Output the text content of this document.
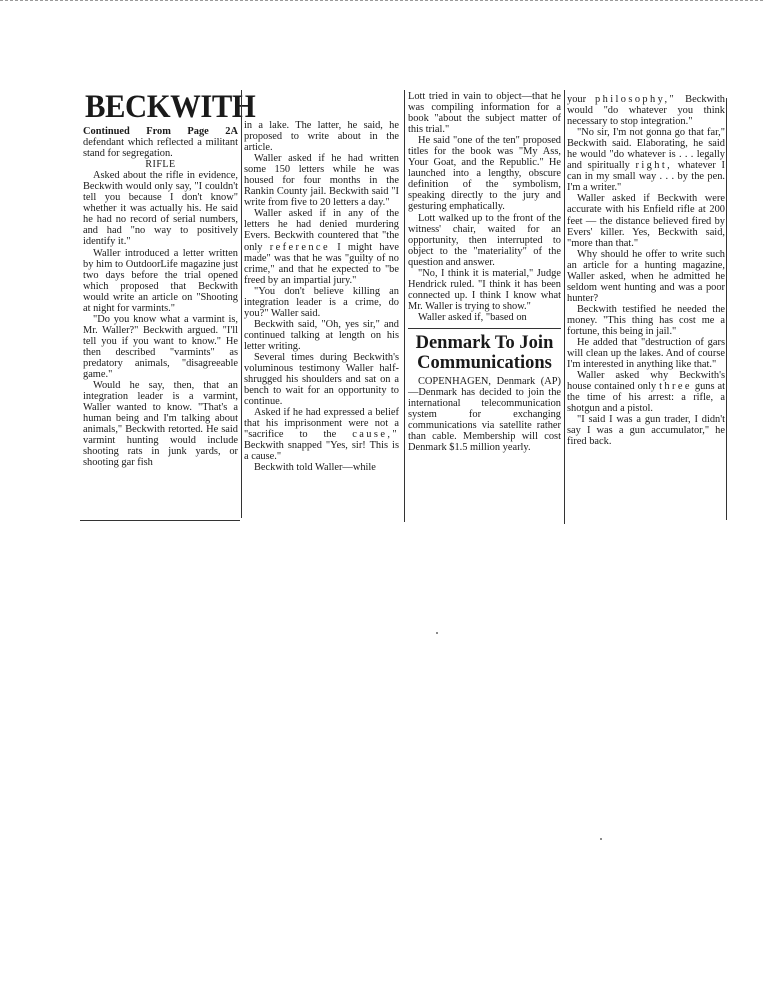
BECKWITH

Continued From Page 2A defendant which reflected a militant stand for segregation.

RIFLE

Asked about the rifle in evidence, Beckwith would only say, "I couldn't tell you because I don't know" whether it was actually his. He said he had no record of serial numbers, and had "no way to positively identify it."

Waller introduced a letter written by him to OutdoorLife magazine just two days before the trial opened which proposed that Beckwith would write an article on "Shooting at night for varmints."

"Do you know what a varmint is, Mr. Waller?" Beckwith argued. "I'll tell you if you want to know." He then described "varmints" as predatory animals, "disagreeable game."

Would he say, then, that an integration leader is a varmint, Waller wanted to know. "That's a human being and I'm talking about animals," Beckwith retorted. He said varmint hunting would include shooting rats in junk yards, or shooting gar fish

in a lake. The latter, he said, he proposed to write about in the article.

Waller asked if he had written some 150 letters while he was housed for four months in the Rankin County jail. Beckwith said "I write from five to 20 letters a day."

Waller asked if in any of the letters he had denied murdering Evers. Beckwith countered that "the only reference I might have made" was that he was "guilty of no crime," and that he expected to "be freed by an impartial jury."

"You don't believe killing an integration leader is a crime, do you?" Waller said.

Beckwith said, "Oh, yes sir," and continued talking at length on his letter writing.

Several times during Beckwith's voluminous testimony Waller half-shrugged his shoulders and sat on a bench to wait for an opportunity to continue.

Asked if he had expressed a belief that his imprisonment were not a "sacrifice to the cause," Beckwith snapped "Yes, sir! This is a cause."

Beckwith told Waller—while

Lott tried in vain to object—that he was compiling information for a book "about the subject matter of this trial."

He said "one of the ten" proposed titles for the book was "My Ass, Your Goat, and the Republic." He launched into a lengthy, obscure definition of the symbolism, speaking directly to the jury and gesturing emphatically.

Lott walked up to the front of the witness' chair, waited for an opportunity, then interrupted to object to the "materiality" of the question and answer.

"No, I think it is material," Judge Hendrick ruled. "I think it has been connected up. I think I know what Mr. Waller is trying to show."

Waller asked if, "based on

Denmark To Join Communications

COPENHAGEN, Denmark (AP)—Denmark has decided to join the international telecommunication system for exchanging communications via satellite rather than cable. Membership will cost Denmark $1.5 million yearly.

your philosophy," Beckwith would "do whatever you think necessary to stop integration."

"No sir, I'm not gonna go that far," Beckwith said. Elaborating, he said he would "do whatever is . . . legally and spiritually right, whatever I can in my small way . . . by the pen. I'm a writer."

Waller asked if Beckwith were accurate with his Enfield rifle at 200 feet — the distance believed fired by Evers' killer. Yes, Beckwith said, "more than that."

Why should he offer to write such an article for a hunting magazine, Waller asked, when he admitted he seldom went hunting and was a poor hunter?

Beckwith testified he needed the money. "This thing has cost me a fortune, this being in jail."

He added that "destruction of gars will clean up the lakes. And of course I'm interested in anything like that."

Waller asked why Beckwith's house contained only three guns at the time of his arrest: a rifle, a shotgun and a pistol.

"I said I was a gun trader, I didn't say I was a gun accumulator," he fired back.
